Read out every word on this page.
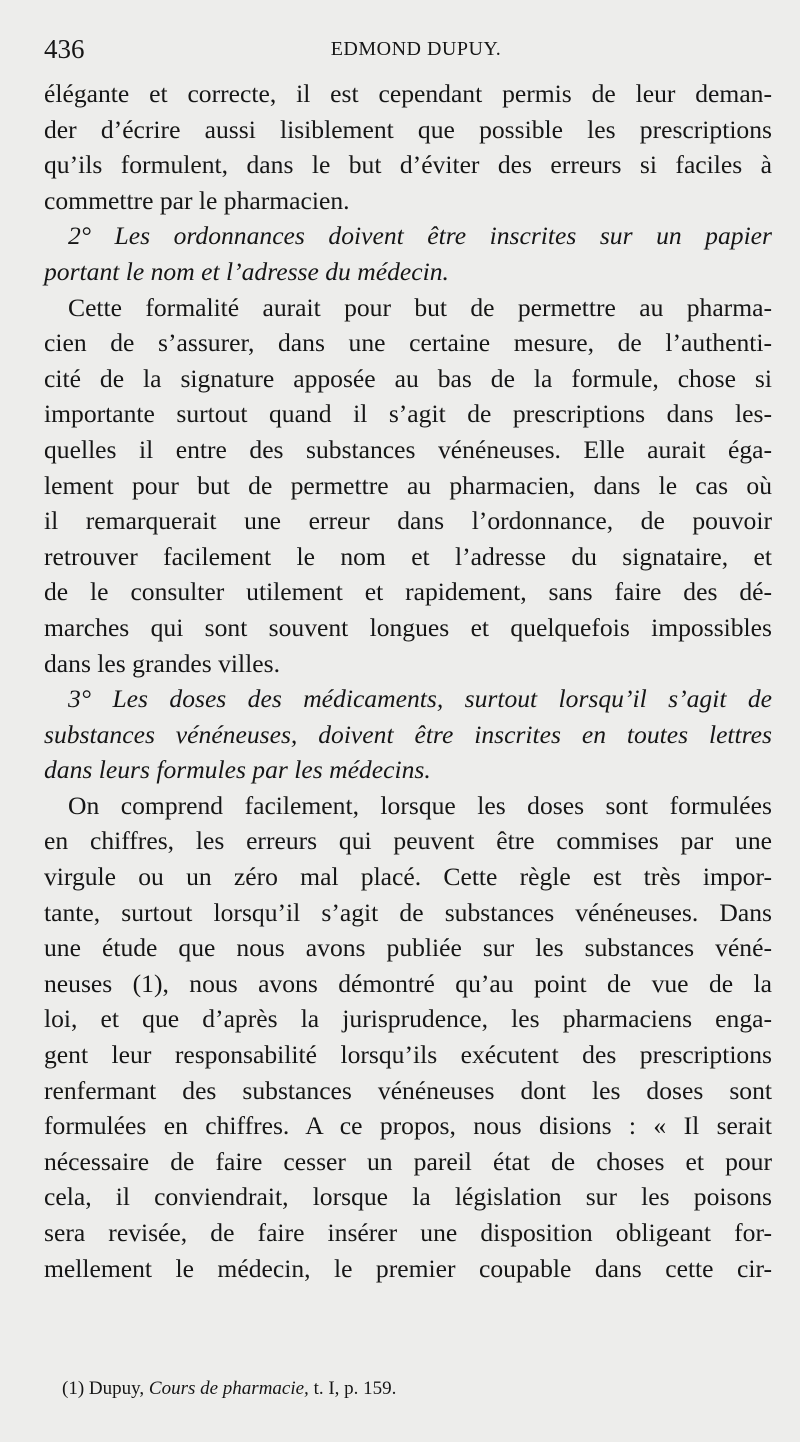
436	EDMOND DUPUY.
élégante et correcte, il est cependant permis de leur deman-
der d’écrire aussi lisiblement que possible les prescriptions
qu’ils formulent, dans le but d’éviter des erreurs si faciles à
commettre par le pharmacien.
2° Les ordonnances doivent être inscrites sur un papier
portant le nom et l’adresse du médecin.
Cette formalité aurait pour but de permettre au pharma-
cien de s’assurer, dans une certaine mesure, de l’authenti-
cité de la signature apposée au bas de la formule, chose si
importante surtout quand il s’agit de prescriptions dans les-
quelles il entre des substances vénéneuses. Elle aurait éga-
lement pour but de permettre au pharmacien, dans le cas où
il remarquerait une erreur dans l’ordonnance, de pouvoir
retrouver facilement le nom et l’adresse du signataire, et
de le consulter utilement et rapidement, sans faire des dé-
marches qui sont souvent longues et quelquefois impossibles
dans les grandes villes.
3° Les doses des médicaments, surtout lorsqu’il s’agit de
substances vénéneuses, doivent être inscrites en toutes lettres
dans leurs formules par les médecins.
On comprend facilement, lorsque les doses sont formulées
en chiffres, les erreurs qui peuvent être commises par une
virgule ou un zéro mal placé. Cette règle est très impor-
tante, surtout lorsqu’il s’agit de substances vénéneuses. Dans
une étude que nous avons publiée sur les substances véné-
neuses (1), nous avons démontré qu’au point de vue de la
loi, et que d’après la jurisprudence, les pharmaciens enga-
gent leur responsabilité lorsqu’ils exécutent des prescriptions
renfermant des substances vénéneuses dont les doses sont
formulées en chiffres. A ce propos, nous disions : « Il serait
nécessaire de faire cesser un pareil état de choses et pour
cela, il conviendrait, lorsque la législation sur les poisons
sera revisée, de faire insérer une disposition obligeant for-
mellement le médecin, le premier coupable dans cette cir-
(1) Dupuy, Cours de pharmacie, t. I, p. 159.
